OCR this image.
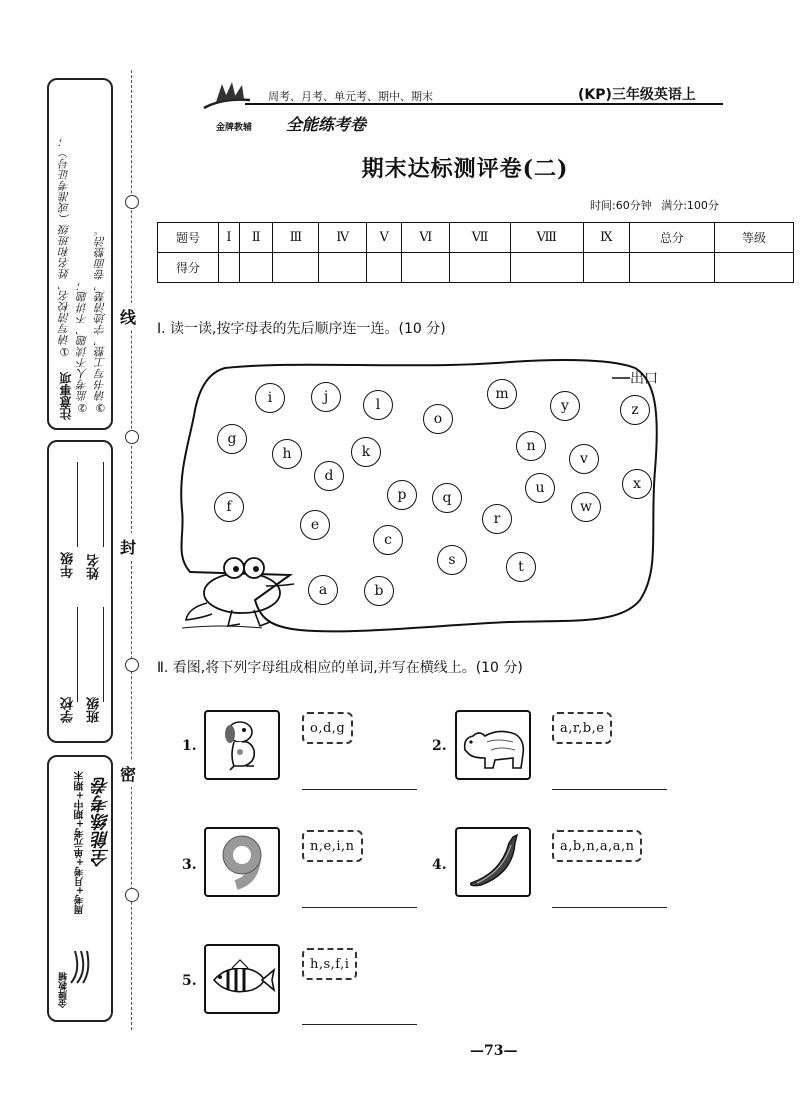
注意事项
①请写清校名、姓名和班级（或准考证号）； ②监考人不读题、不讲题； ③请书写工整，字迹清楚，卷面整洁。
学校
年级
班级
姓名
金牌教辅
周考+月考+单元考+期中+期末 全能练考卷
线
封
密
金牌教辅
周考、月考、单元考、期中、期末	(KP)三年级英语上
全能练考卷
期末达标测评卷(二)
时间:60分钟 满分:100分
题号	Ⅰ	Ⅱ	Ⅲ	Ⅳ	Ⅴ	Ⅵ	Ⅶ	Ⅷ	Ⅸ	总分	等级
得分											
Ⅰ. 读一读,按字母表的先后顺序连一连。(10 分)
出口
a	b
c
d
e
f
g
h
i	j
k
l
m
n
o
p	q
r
s	t
u
v
w
x
y	z
Ⅱ. 看图,将下列字母组成相应的单词,并写在横线上。(10 分)
1.
o,d,g
2.
a,r,b,e
3.
n,e,i,n
4.
a,b,n,a,a,n
5.
h,s,f,i
—73—
